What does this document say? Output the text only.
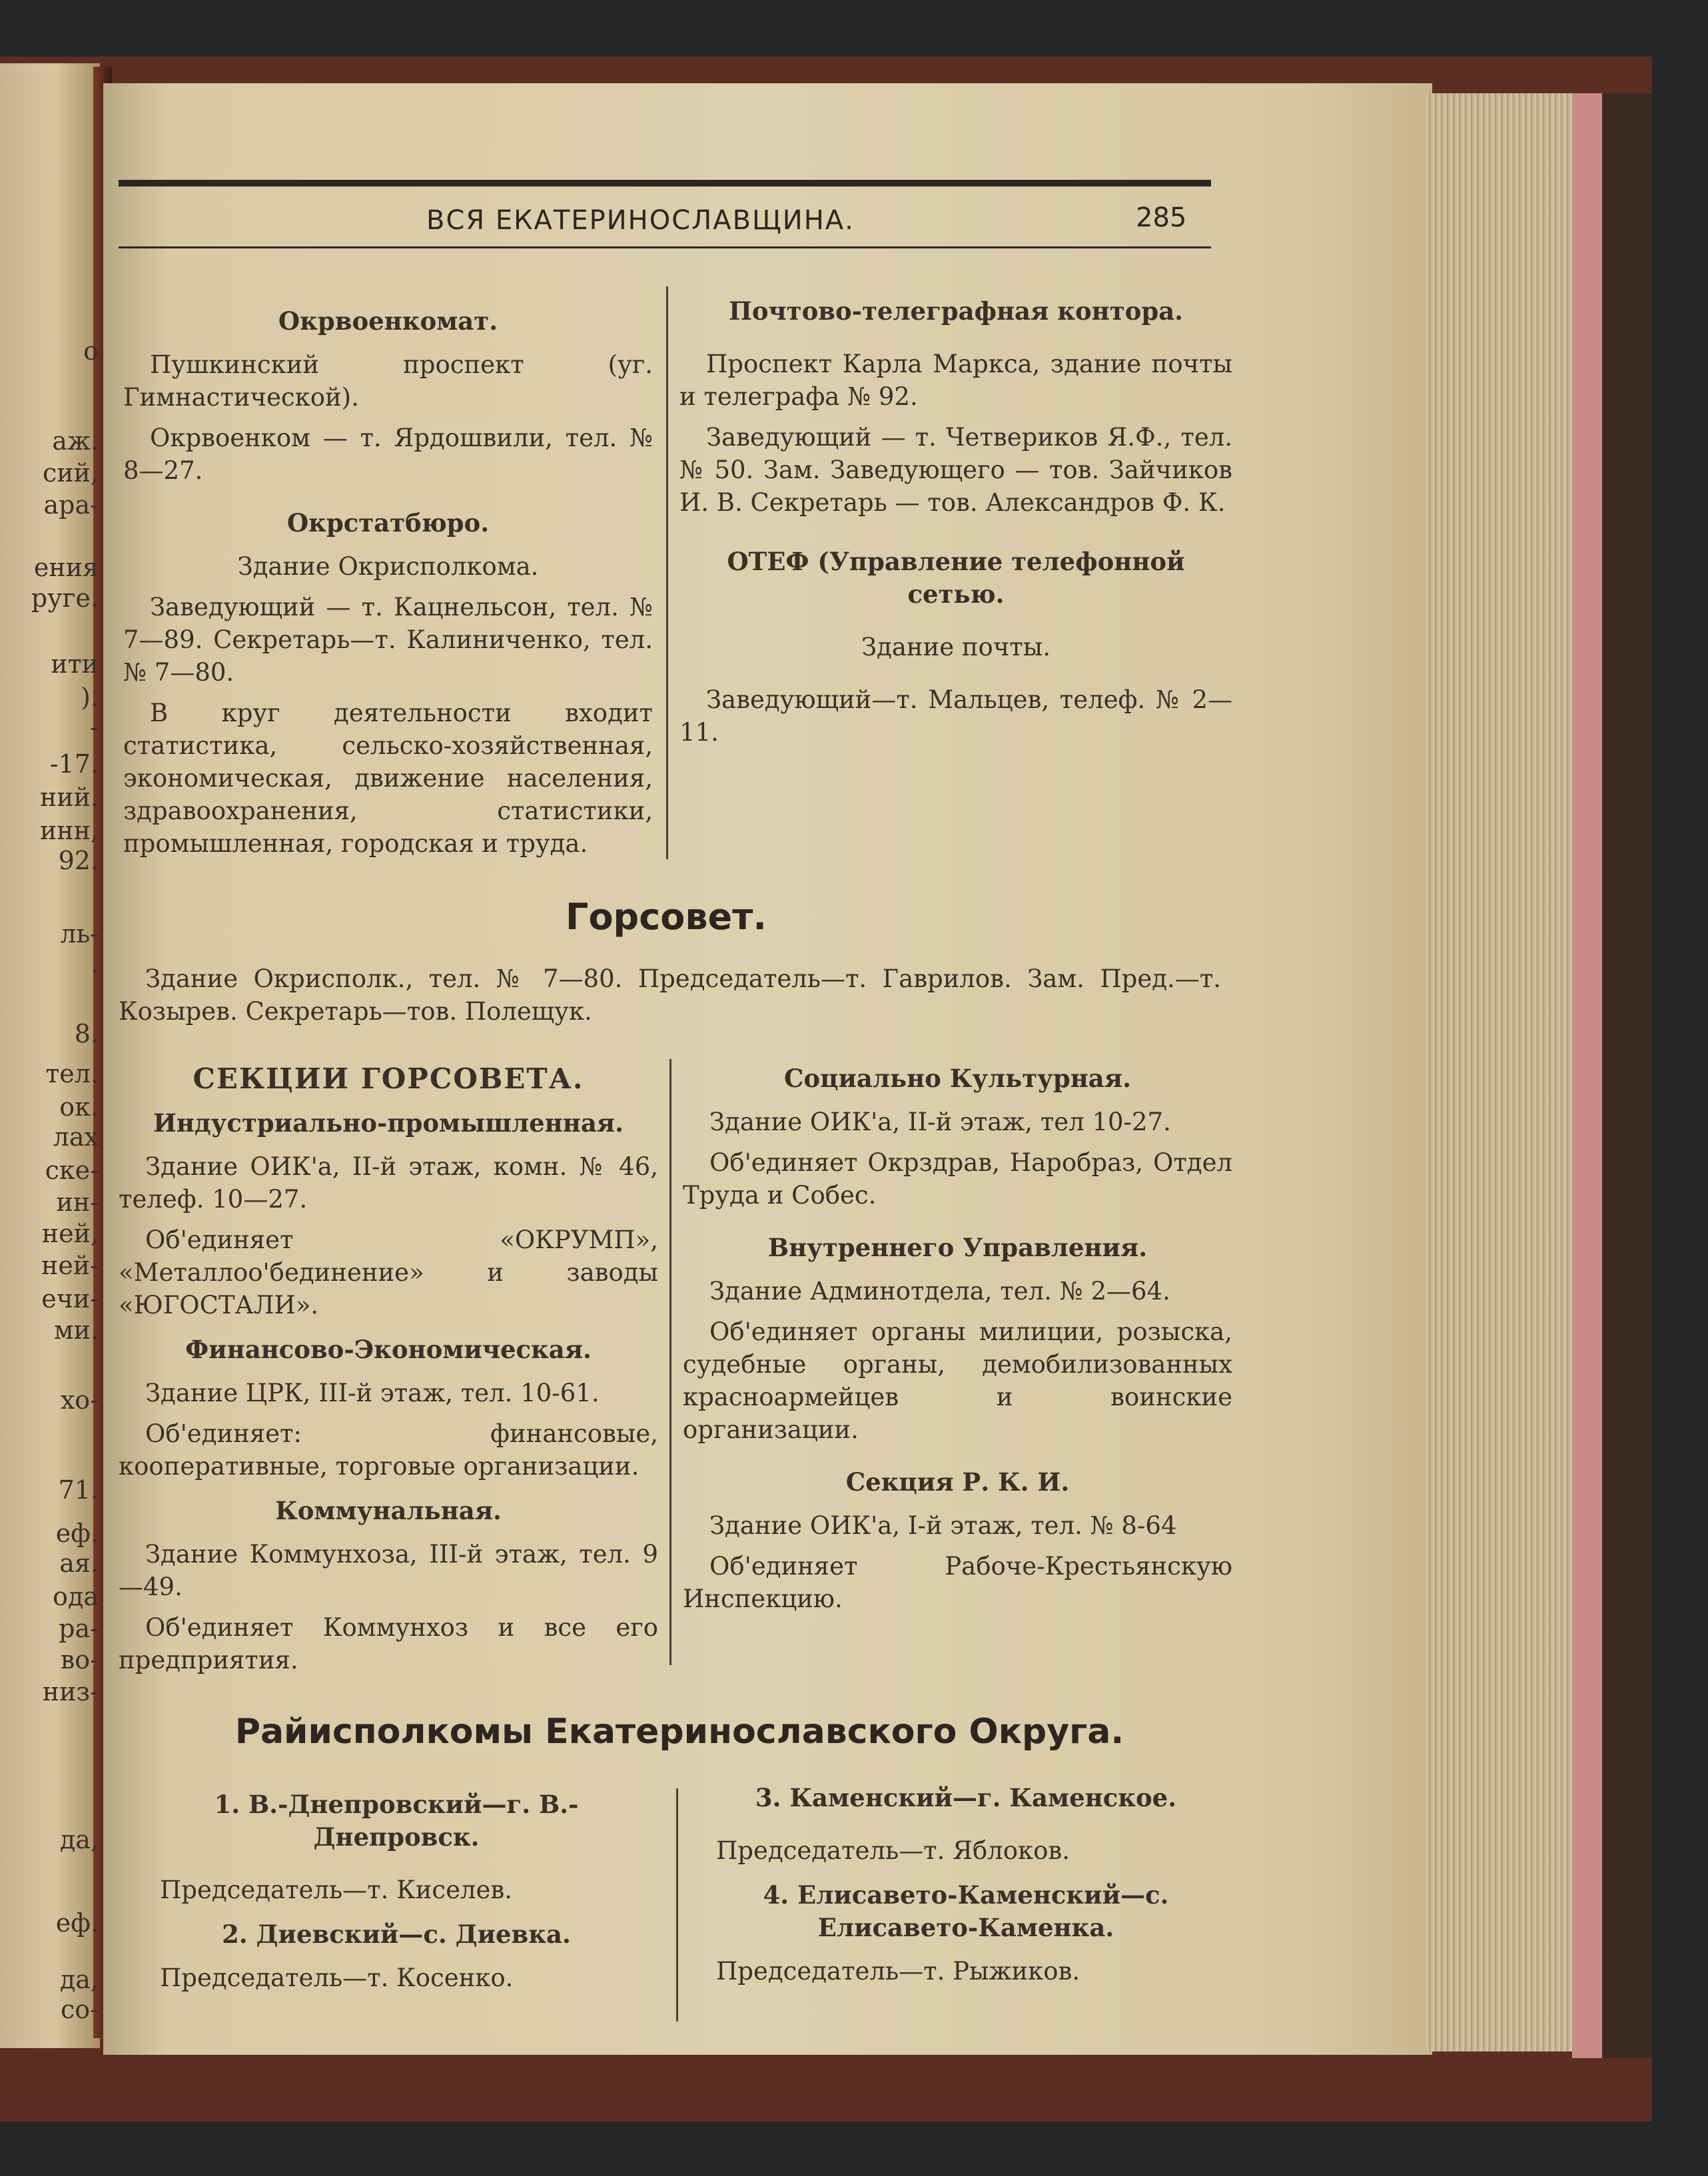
о
аж.
сий,
ара-
ения
руге.
ити
).
-
-17.
ний.
инн,
92.
ль-
.
8.
тел.
ок.
лах
ске-
ин-
ней,
ней-
ечи-
ми.
хо-
71.
еф.
ая.
ода
ра-
во-
низ-
да,
еф.
да,
со-
ВСЯ ЕКАТЕРИНОСЛАВЩИНА.	285

Окрвоенкомат.

Пушкинский проспект (уг. Гимнастической).

Окрвоенком — т. Ярдошвили, тел. № 8—27.

Окрстатбюро.

Здание Окрисполкома.

Заведующий — т. Кацнельсон, тел. № 7—89. Секретарь—т. Калиниченко, тел. № 7—80.

В круг деятельности входит статистика, сельско-хозяйственная, экономическая, движение населения, здравоохранения, статистики, промышленная, городская и труда.

Почтово-телеграфная контора.

Проспект Карла Маркса, здание почты и телеграфа № 92.

Заведующий — т. Четвериков Я.Ф., тел. № 50. Зам. Заведующего — тов. Зайчиков И. В. Секретарь — тов. Александров Ф. К.

ОТЕФ (Управление телефонной сетью.

Здание почты.

Заведующий—т. Мальцев, телеф. № 2—11.

Горсовет.

Здание Окрисполк., тел. № 7—80. Председатель—т. Гаврилов. Зам. Пред.—т. Козырев. Секретарь—тов. Полещук.

СЕКЦИИ ГОРСОВЕТА.

Индустриально-промышленная.

Здание ОИК'а, II-й этаж, комн. № 46, телеф. 10—27.

Об'единяет «ОКРУМП», «Металлоо'бединение» и заводы «ЮГОСТАЛИ».

Финансово-Экономическая.

Здание ЦРК, III-й этаж, тел. 10-61.

Об'единяет: финансовые, кооперативные, торговые организации.

Коммунальная.

Здание Коммунхоза, III-й этаж, тел. 9—49.

Об'единяет Коммунхоз и все его предприятия.

Социально Культурная.

Здание ОИК'а, II-й этаж, тел 10-27.

Об'единяет Окрздрав, Наробраз, Отдел Труда и Собес.

Внутреннего Управления.

Здание Админотдела, тел. № 2—64.

Об'единяет органы милиции, розыска, судебные органы, демобилизованных красноармейцев и воинские организации.

Секция Р. К. И.

Здание ОИК'а, I-й этаж, тел. № 8-64

Об'единяет Рабоче-Крестьянскую Инспекцию.

Райисполкомы Екатеринославского Округа.

1. В.-Днепровский—г. В.-Днепровск.

Председатель—т. Киселев.

2. Диевский—с. Диевка.

Председатель—т. Косенко.

3. Каменский—г. Каменское.

Председатель—т. Яблоков.

4. Елисавето-Каменский—с. Елисавето-Каменка.

Председатель—т. Рыжиков.
